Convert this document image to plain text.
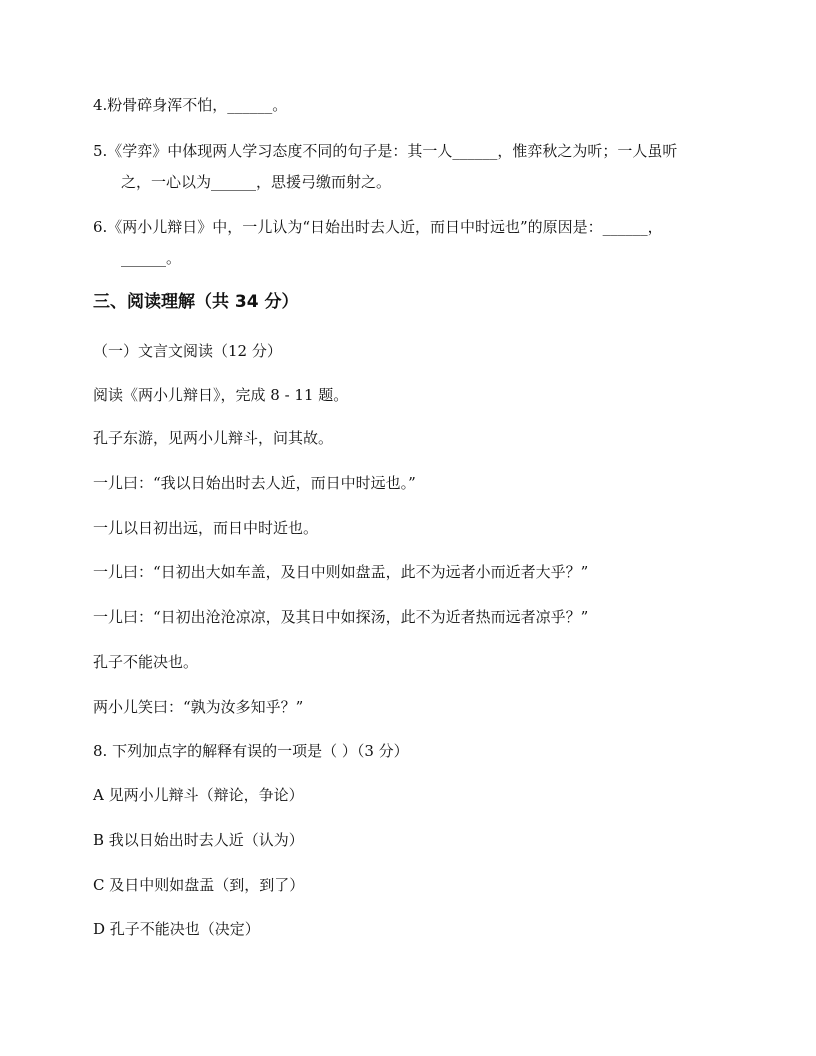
4.粉骨碎身浑不怕，______。
5.《学弈》中体现两人学习态度不同的句子是：其一人______，惟弈秋之为听；一人虽听
之，一心以为______，思援弓缴而射之。
6.《两小儿辩日》中，一儿认为“日始出时去人近，而日中时远也”的原因是：______，
______。
三、阅读理解（共 34 分）
（一）文言文阅读（12 分）
阅读《两小儿辩日》，完成 8 - 11 题。
孔子东游，见两小儿辩斗，问其故。
一儿曰：“我以日始出时去人近，而日中时远也。”
一儿以日初出远，而日中时近也。
一儿曰：“日初出大如车盖，及日中则如盘盂，此不为远者小而近者大乎？”
一儿曰：“日初出沧沧凉凉，及其日中如探汤，此不为近者热而远者凉乎？”
孔子不能决也。
两小儿笑曰：“孰为汝多知乎？”
8. 下列加点字的解释有误的一项是（ ）（3 分）
A 见两小儿辩斗（辩论，争论）
B 我以日始出时去人近（认为）
C 及日中则如盘盂（到，到了）
D 孔子不能决也（决定）
